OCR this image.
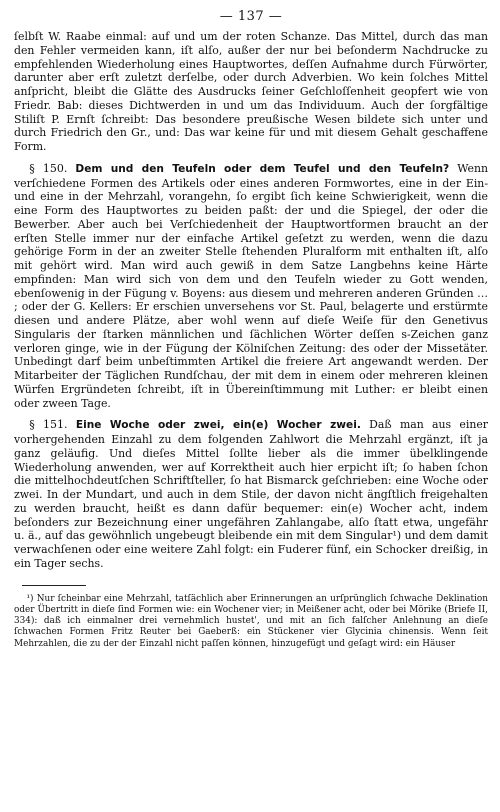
— 137 —

ſelbſt W. Raabe einmal: auf und um der roten Schanze. Das Mittel, durch das man den Fehler vermeiden kann, iſt alſo, außer der nur bei beſonderm Nachdrucke zu empfehlenden Wiederholung eines Hauptwortes, deſſen Aufnahme durch Fürwörter, darunter aber erſt zuletzt derſelbe, oder durch Adverbien. Wo kein ſolches Mittel anſpricht, bleibt die Glätte des Ausdrucks ſeiner Geſchloſſenheit geopfert wie von Friedr. Bab: dieses Dichtwerden in und um das Individuum. Auch der ſorgfältige Stiliſt P. Ernſt ſchreibt: Das besondere preußische Wesen bildete sich unter und durch Friedrich den Gr., und: Das war keine für und mit diesem Gehalt geschaffene Form.

§ 150. Dem und den Teufeln oder dem Teufel und den Teufeln? Wenn verſchiedene Formen des Artikels oder eines anderen Formwortes, eine in der Ein- und eine in der Mehrzahl, vorangehn, ſo ergibt ſich keine Schwierigkeit, wenn die eine Form des Hauptwortes zu beiden paßt: der und die Spiegel, der oder die Bewerber. Aber auch bei Verſchiedenheit der Hauptwortformen braucht an der erſten Stelle immer nur der einfache Artikel geſetzt zu werden, wenn die dazu gehörige Form in der an zweiter Stelle ſtehenden Pluralform mit enthalten iſt, alſo mit gehört wird. Man wird auch gewiß in dem Satze Langbehns keine Härte empfinden: Man wird sich von dem und den Teufeln wieder zu Gott wenden, ebenſowenig in der Fügung v. Boyens: aus diesem und mehreren anderen Gründen … ; oder der G. Kellers: Er erschien unversehens vor St. Paul, belagerte und erstürmte diesen und andere Plätze, aber wohl wenn auf dieſe Weiſe für den Genetivus Singularis der ſtarken männlichen und ſächlichen Wörter deſſen s-Zeichen ganz verloren ginge, wie in der Fügung der Kölniſchen Zeitung: des oder der Missetäter. Unbedingt darf beim unbeſtimmten Artikel die freiere Art angewandt werden. Der Mitarbeiter der Täglichen Rundſchau, der mit dem in einem oder mehreren kleinen Würfen Ergründeten ſchreibt, iſt in Übereinſtimmung mit Luther: er bleibt einen oder zween Tage.

§ 151. Eine Woche oder zwei, ein(e) Wocher zwei. Daß man aus einer vorhergehenden Einzahl zu dem folgenden Zahlwort die Mehrzahl ergänzt, iſt ja ganz geläufig. Und dieſes Mittel ſollte lieber als die immer übelklingende Wiederholung anwenden, wer auf Korrektheit auch hier erpicht iſt; ſo haben ſchon die mittelhochdeutſchen Schriftſteller, ſo hat Bismarck geſchrieben: eine Woche oder zwei. In der Mundart, und auch in dem Stile, der davon nicht ängſtlich freigehalten zu werden braucht, heißt es dann dafür bequemer: ein(e) Wocher acht, indem beſonders zur Bezeichnung einer ungefähren Zahlangabe, alſo ſtatt etwa, ungefähr u. ä., auf das gewöhnlich ungebeugt bleibende ein mit dem Singular¹) und dem damit verwachſenen oder eine weitere Zahl folgt: ein Fuderer fünf, ein Schocker dreißig, in ein Tager sechs.

¹) Nur ſcheinbar eine Mehrzahl, tatſächlich aber Erinnerungen an urſprünglich ſchwache Deklination oder Übertritt in dieſe ſind Formen wie: ein Wochener vier; in Meißener acht, oder bei Mörike (Briefe II, 334): daß ich einmalner drei vernehmlich hustet', und mit an ſich falſcher Anlehnung an dieſe ſchwachen Formen Fritz Reuter bei Gaeberß: ein Stückener vier Glycinia chinensis. Wenn ſeit Mehrzahlen, die zu der der Einzahl nicht paſſen können, hinzugefügt und geſagt wird: ein Häuser
